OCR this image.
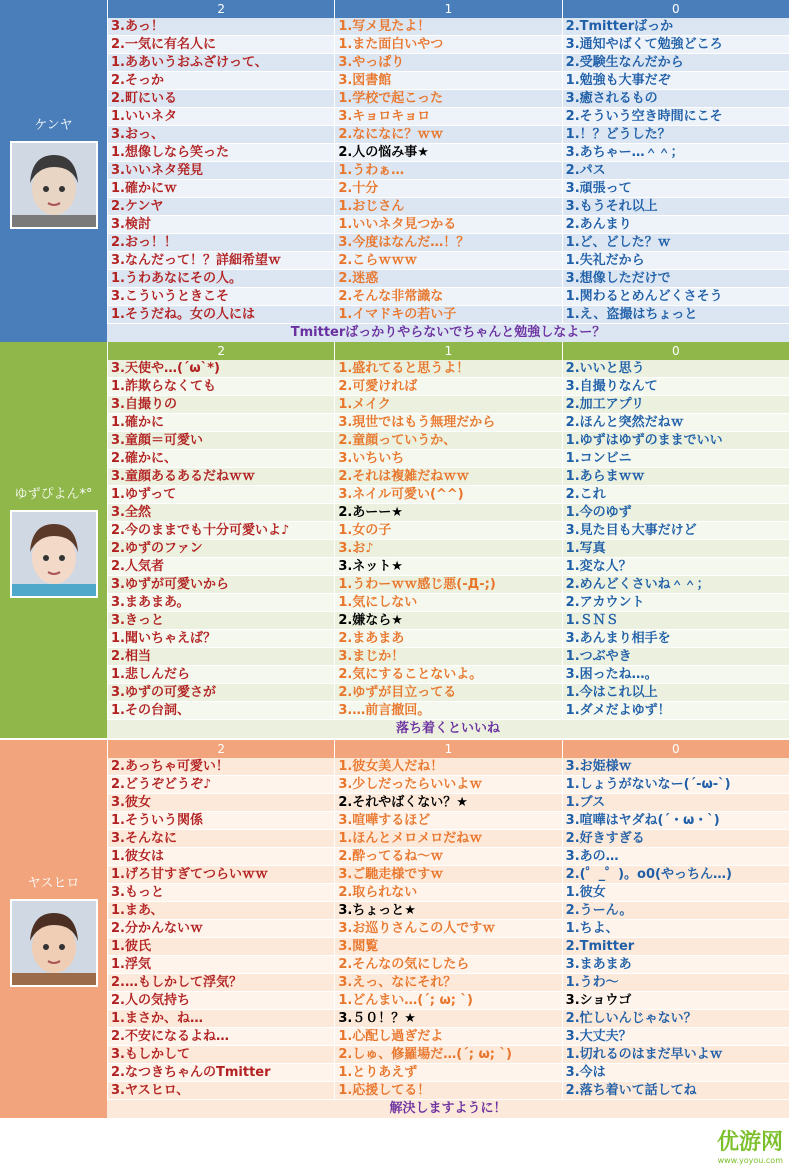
ケンヤ
2	1	0
3.あっ！	1.写メ見たよ！	2.Tmitterばっか
2.一気に有名人に	1.また面白いやつ	3.通知やばくて勉強どころ
1.ああいうおふざけって、	3.やっぱり	2.受験生なんだから
2.そっか	3.図書館	1.勉強も大事だぞ
2.町にいる	1.学校で起こった	3.癒されるもの
1.いいネタ	3.キョロキョロ	2.そういう空き時間にこそ
3.おっ、	2.なになに？ｗｗ	1.！？どうした？
1.想像しなら笑った	2.人の悩み事★	3.あちゃー…＾＾；
3.いいネタ発見	1.うわぁ…	2.パス
1.確かにｗ	2.十分	3.頑張って
2.ケンヤ	1.おじさん	3.もうそれ以上
3.検討	1.いいネタ見つかる	2.あんまり
2.おっ！！	3.今度はなんだ…！？	1.ど、どした？ｗ
3.なんだって！？詳細希望ｗ	2.こらｗｗｗ	1.失礼だから
1.うわあなにその人。	2.迷惑	3.想像しただけで
3.こういうときこそ	2.そんな非常識な	1.関わるとめんどくさそう
1.そうだね。女の人には	1.イマドキの若い子	1.え、盗撮はちょっと
Tmitterばっかりやらないでちゃんと勉強しなよー？
ゆずぴよん*°
2	1	0
3.天使や…(´ω`*)	1.盛れてると思うよ！	2.いいと思う
1.詐欺らなくても	2.可愛ければ	3.自撮りなんて
3.自撮りの	1.メイク	2.加工アプリ
1.確かに	3.現世ではもう無理だから	2.ほんと突然だねｗ
3.童顔＝可愛い	2.童顔っていうか、	1.ゆずはゆずのままでいい
2.確かに、	3.いちいち	1.コンビニ
3.童顔あるあるだねｗｗ	2.それは複雑だねｗｗ	1.あらまｗｗ
1.ゆずって	3.ネイル可愛い(^^)	2.これ
3.全然	2.あーー★	1.今のゆず
2.今のままでも十分可愛いよ♪	1.女の子	3.見た目も大事だけど
2.ゆずのファン	3.お♪	1.写真
2.人気者	3.ネット★	1.変な人？
3.ゆずが可愛いから	1.うわーｗｗ感じ悪(-Д-;)	2.めんどくさいね＾＾；
3.まあまあ。	1.気にしない	2.アカウント
3.きっと	2.嫌なら★	1.ＳＮＳ
1.聞いちゃえば？	2.まあまあ	3.あんまり相手を
2.相当	3.まじか！	1.つぶやき
1.悲しんだら	2.気にすることないよ。	3.困ったね…。
3.ゆずの可愛さが	2.ゆずが目立ってる	1.今はこれ以上
1.その台詞、	3.…前言撤回。	1.ダメだよゆず！
落ち着くといいね
ヤスヒロ
2	1	0
2.あっちゃ可愛い！	1.彼女美人だね！	3.お姫様ｗ
2.どうぞどうぞ♪	3.少しだったらいいよｗ	1.しょうがないなー(´-ω-`)
3.彼女	2.それやばくない？★	1.ブス
1.そういう関係	3.喧嘩するほど	3.喧嘩はヤダね(´・ω・`)
3.そんなに	1.ほんとメロメロだねｗ	2.好きすぎる
1.彼女は	2.酔ってるね～ｗ	3.あの…
1.げろ甘すぎてつらいｗｗ	3.ご馳走様ですｗ	2.(゜_゜)。o0(やっちん…)
3.もっと	2.取られない	1.彼女
1.まあ、	3.ちょっと★	2.うーん。
2.分かんないｗ	3.お巡りさんこの人ですｗ	1.ちよ、
1.彼氏	3.閲覧	2.Tmitter
1.浮気	2.そんなの気にしたら	3.まあまあ
2.…もしかして浮気？	3.えっ、なにそれ？	1.うわ～
2.人の気持ち	1.どんまい…(´; ω; `)	3.ショウゴ
1.まさか、ね…	3.５０！？★	2.忙しいんじゃない？
2.不安になるよね…	1.心配し過ぎだよ	3.大丈夫？
3.もしかして	2.しゅ、修羅場だ…(´; ω; `)	1.切れるのはまだ早いよｗ
2.なつきちゃんのTmitter	1.とりあえず	3.今は
3.ヤスヒロ、	1.応援してる！	2.落ち着いて話してね
解決しますように！
优游网
www.yoyou.com
